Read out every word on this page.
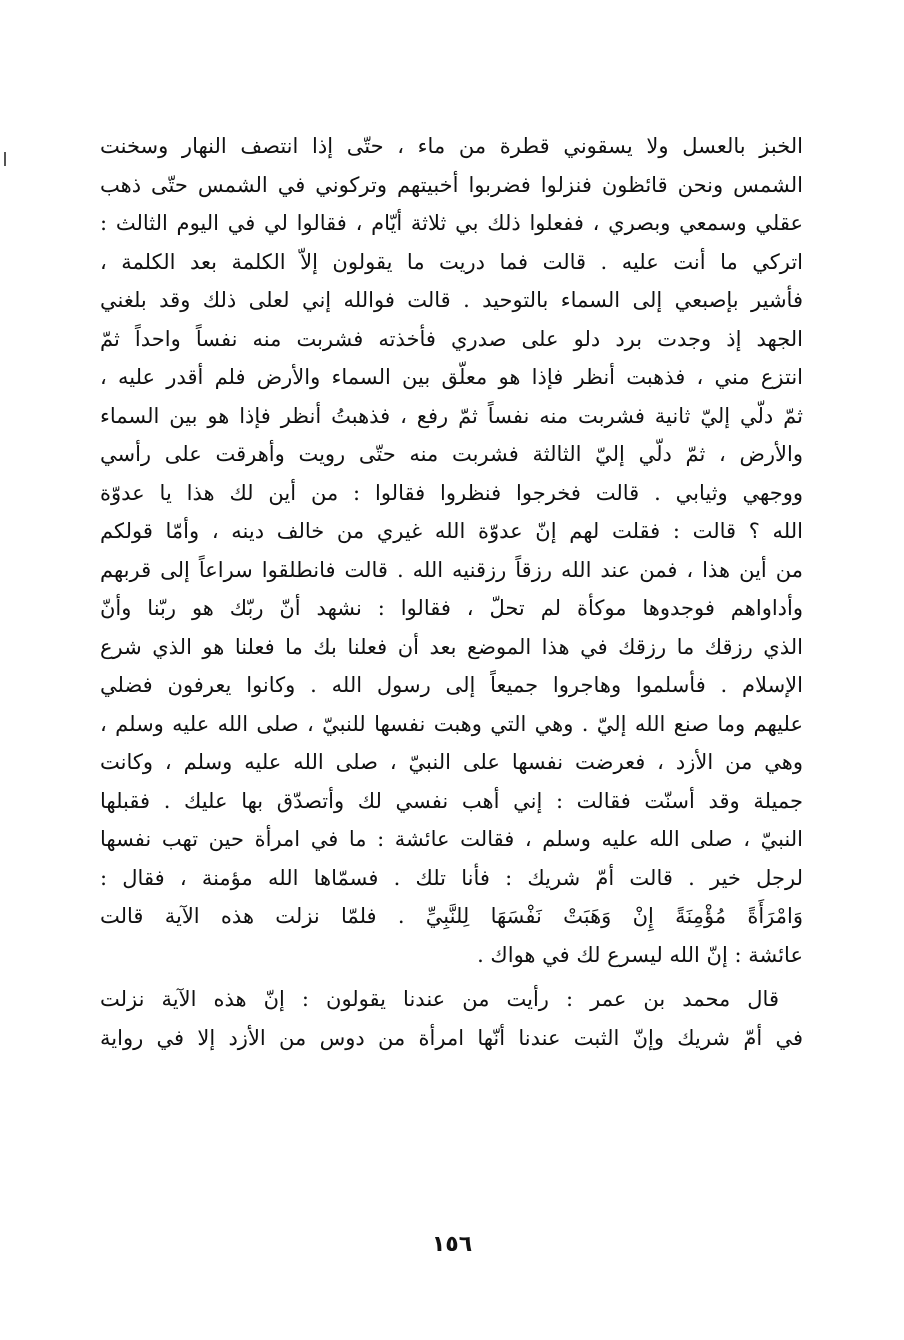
الخبز بالعسل ولا يسقوني قطرة من ماء ، حتّى إذا انتصف النهار وسخنت
الشمس ونحن قائظون فنزلوا فضربوا أخبيتهم وتركوني في الشمس حتّى ذهب
عقلي وسمعي وبصري ، ففعلوا ذلك بي ثلاثة أيّام ، فقالوا لي في اليوم الثالث :
اتركي ما أنت عليه . قالت فما دريت ما يقولون إلاّ الكلمة بعد الكلمة ،
فأشير بإصبعي إلى السماء بالتوحيد . قالت فوالله إني لعلى ذلك وقد بلغني
الجهد إذ وجدت برد دلو على صدري فأخذته فشربت منه نفساً واحداً ثمّ
انتزع مني ، فذهبت أنظر فإذا هو معلّق بين السماء والأرض فلم أقدر عليه ،
ثمّ دلّي إليّ ثانية فشربت منه نفساً ثمّ رفع ، فذهبتُ أنظر فإذا هو بين السماء
والأرض ، ثمّ دلّي إليّ الثالثة فشربت منه حتّى رويت وأهرقت على رأسي
ووجهي وثيابي . قالت فخرجوا فنظروا فقالوا : من أين لك هذا يا عدوّة
الله ؟ قالت : فقلت لهم إنّ عدوّة الله غيري من خالف دينه ، وأمّا قولكم
من أين هذا ، فمن عند الله رزقاً رزقنيه الله . قالت فانطلقوا سراعاً إلى قربهم
وأداواهم فوجدوها موكأة لم تحلّ ، فقالوا : نشهد أنّ ربّك هو ربّنا وأنّ
الذي رزقك ما رزقك في هذا الموضع بعد أن فعلنا بك ما فعلنا هو الذي شرع
الإسلام . فأسلموا وهاجروا جميعاً إلى رسول الله . وكانوا يعرفون فضلي
عليهم وما صنع الله إليّ . وهي التي وهبت نفسها للنبيّ ، صلى الله عليه وسلم ،
وهي من الأزد ، فعرضت نفسها على النبيّ ، صلى الله عليه وسلم ، وكانت
جميلة وقد أسنّت فقالت : إني أهب نفسي لك وأتصدّق بها عليك . فقبلها
النبيّ ، صلى الله عليه وسلم ، فقالت عائشة : ما في امرأة حين تهب نفسها
لرجل خير . قالت أمّ شريك : فأنا تلك . فسمّاها الله مؤمنة ، فقال :
وَامْرَأَةً مُؤْمِنَةً إِنْ وَهَبَتْ نَفْسَهَا لِلنَّبِيِّ . فلمّا نزلت هذه الآية قالت
عائشة : إنّ الله ليسرع لك في هواك .
قال محمد بن عمر : رأيت من عندنا يقولون : إنّ هذه الآية نزلت
في أمّ شريك وإنّ الثبت عندنا أنّها امرأة من دوس من الأزد إلا في رواية
١٥٦
